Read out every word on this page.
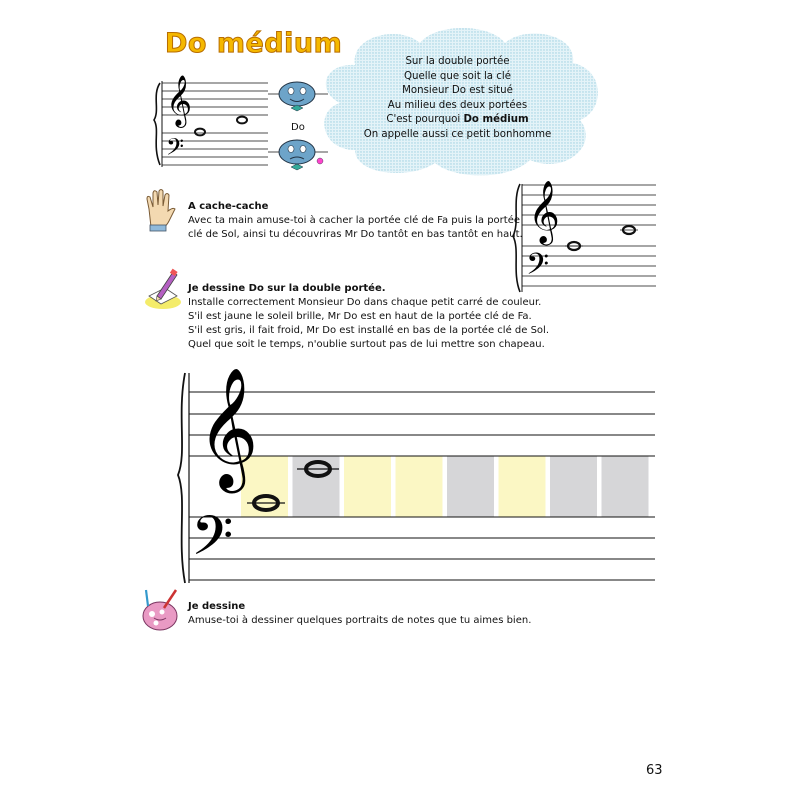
Do médium
Sur la double portée
Quelle que soit la clé
Monsieur Do est situé
Au milieu des deux portées
C'est pourquoi Do médium
On appelle aussi ce petit bonhomme
𝄞
𝄢
Do
A cache-cache
Avec ta main amuse-toi à cacher la portée clé de Fa puis la portée
clé de Sol, ainsi tu découvriras Mr Do tantôt en bas tantôt en haut. 𝄞
𝄢
Je dessine Do sur la double portée.
Installe correctement Monsieur Do dans chaque petit carré de couleur.
S'il est jaune le soleil brille, Mr Do est en haut de la portée clé de Fa.
S'il est gris, il fait froid, Mr Do est installé en bas de la portée clé de Sol.
Quel que soit le temps, n'oublie surtout pas de lui mettre son chapeau.
𝄞
𝄢
Je dessine
Amuse-toi à dessiner quelques portraits de notes que tu aimes bien.
63
